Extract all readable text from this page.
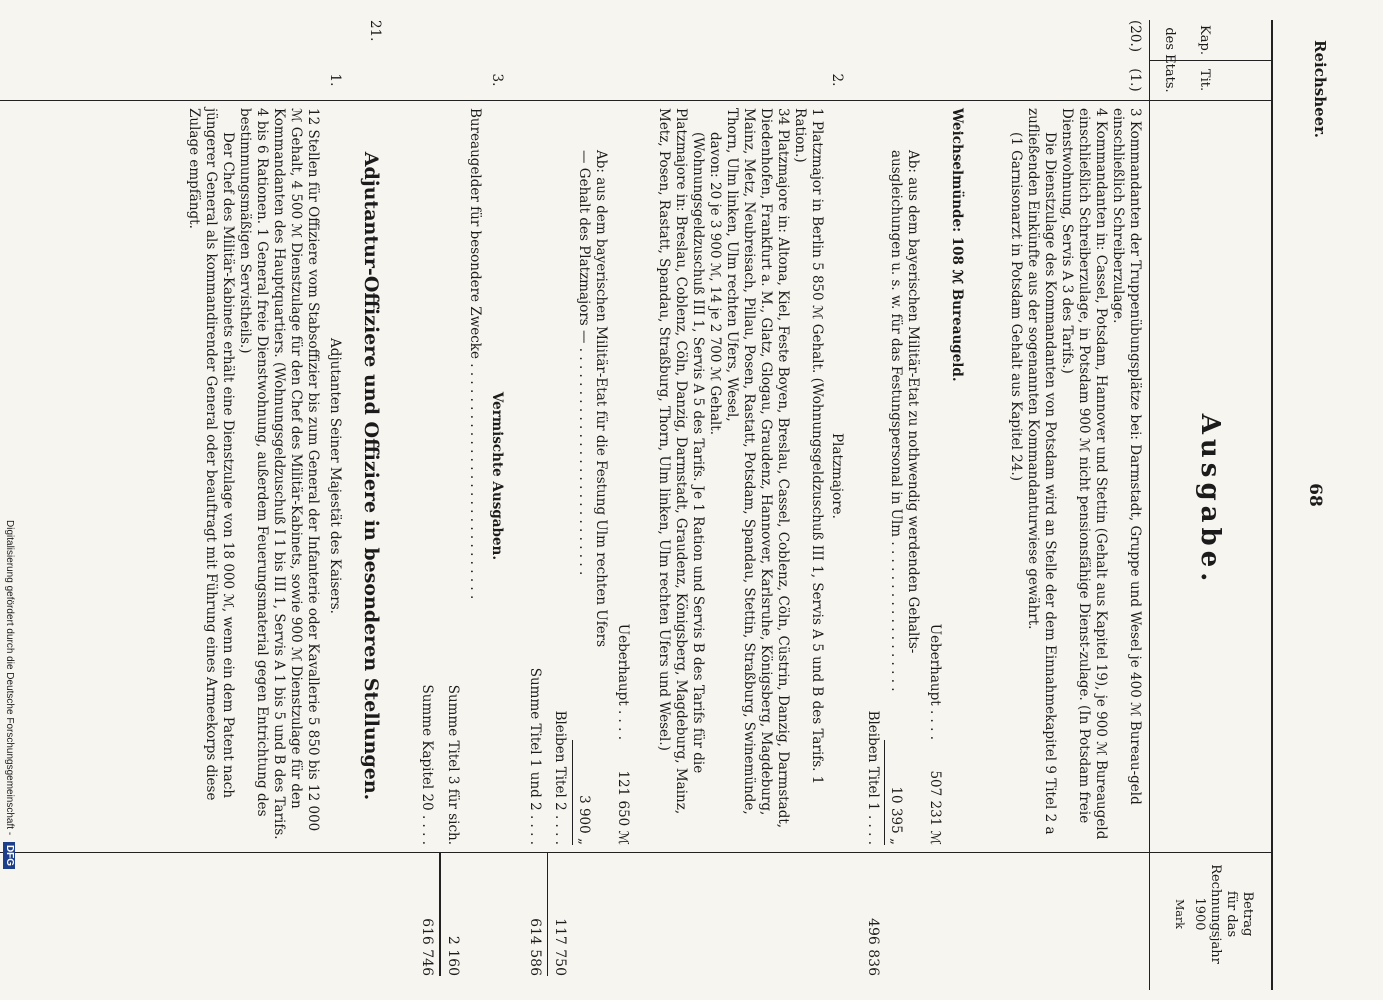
Reichsheer.
68
Kap.
Tit.
des Etats.
Betrag
für das
Rechnungsjahr
1900
Mark
Ausgabe.
(20.)
(1.)

3 Kommandanten der Truppenübungsplätze bei: Darmstadt, Gruppe und Wesel je 400 ℳ Bureau-geld einschließlich Schreiberzulage.

4 Kommandanten in: Cassel, Potsdam, Hannover und Stettin (Gehalt aus Kapitel 19), je 900 ℳ Bureaugeld einschließlich Schreiberzulage, in Potsdam 900 ℳ nicht pensionsfähige Dienst-zulage. (In Potsdam freie Dienstwohnung, Servis A 3 des Tarifs.)

Die Dienstzulage des Kommandanten von Potsdam wird an Stelle der dem Einnahmekapitel 9 Titel 2 a zufließenden Einkünfte aus der sogenannten Kommandanturwiese gewährt.

(1 Garnisonarzt in Potsdam Gehalt aus Kapitel 24.)

Weichselmünde: 108 ℳ Bureaugeld.
Ueberhaupt . . . .
507 231 ℳ
Ab: aus dem bayerischen Militär-Etat zu nothwendig werdenden Gehalts-ausgleichungen u. s. w. für das Festungspersonal in Ulm . . . . . . . . . . . . . . . . . .
10 395 „
Bleiben Titel 1 . . . .
496 836
2.
Platzmajore.

1 Platzmajor in Berlin 5 850 ℳ Gehalt. (Wohnungsgeldzuschuß III 1, Servis A 5 und B des Tarifs. 1 Ration.)

34 Platzmajore in: Altona, Kiel, Feste Boyen, Breslau, Cassel, Coblenz, Cöln, Cüstrin, Danzig, Darmstadt, Diedenhofen, Frankfurt a. M., Glatz, Glogau, Graudenz, Hannover, Karlsruhe, Königsberg, Magdeburg, Mainz, Metz, Neubreisach, Pillau, Posen, Rastatt, Potsdam, Spandau, Stettin, Straßburg, Swinemünde, Thorn, Ulm linken, Ulm rechten Ufers, Wesel,

davon: 20 je 3 900 ℳ, 14 je 2 700 ℳ Gehalt.

(Wohnungsgeldzuschuß III 1, Servis A 5 des Tarifs. Je 1 Ration und Servis B des Tarifs für die Platzmajore in: Breslau, Coblenz, Cöln, Danzig, Darmstadt, Graudenz, Königsberg, Magdeburg, Mainz, Metz, Posen, Rastatt, Spandau, Straßburg, Thorn, Ulm linken, Ulm rechten Ufers und Wesel.)

Ueberhaupt . . . .
121 650 ℳ
Ab: aus dem bayerischen Militär-Etat für die Festung Ulm rechten Ufers
— Gehalt des Platzmajors — . . . . . . . . . . . . . . . . . . . . . . . . . . .
3 900 „
Bleiben Titel 2 . . . .
117 750
Summe Titel 1 und 2 . . . .
614 586
3.
Vermischte Ausgaben.
Bureaugelder für besondere Zwecke . . . . . . . . . . . . . . . . . . . . . . . . . . . .
Summe Titel 3 für sich.
2 160
Summe Kapitel 20 . . . .
616 746
21.
Adjutantur-Offiziere und Offiziere in besonderen Stellungen.
1.
Adjutanten Seiner Majestät des Kaisers.

12 Stellen für Offiziere vom Stabsoffizier bis zum General der Infanterie oder Kavallerie 5 850 bis 12 000 ℳ Gehalt, 4 500 ℳ Dienstzulage für den Chef des Militär-Kabinets, sowie 900 ℳ Dienstzulage für den Kommandanten des Hauptquartiers. (Wohnungsgeldzuschuß I 1 bis III 1, Servis A 1 bis 5 und B des Tarifs. 4 bis 6 Rationen. 1 General freie Dienstwohnung, außerdem Feuerungsmaterial gegen Entrichtung des bestimmungsmäßigen Servistheils.)

Der Chef des Militär-Kabinets erhält eine Dienstzulage von 18 000 ℳ, wenn ein dem Patent nach jüngerer General als kommandirender General oder beauftragt mit Führung eines Armeekorps diese Zulage empfängt.

Digitalisierung gefördert durch die Deutsche Forschungsgemeinschaft - DFG
